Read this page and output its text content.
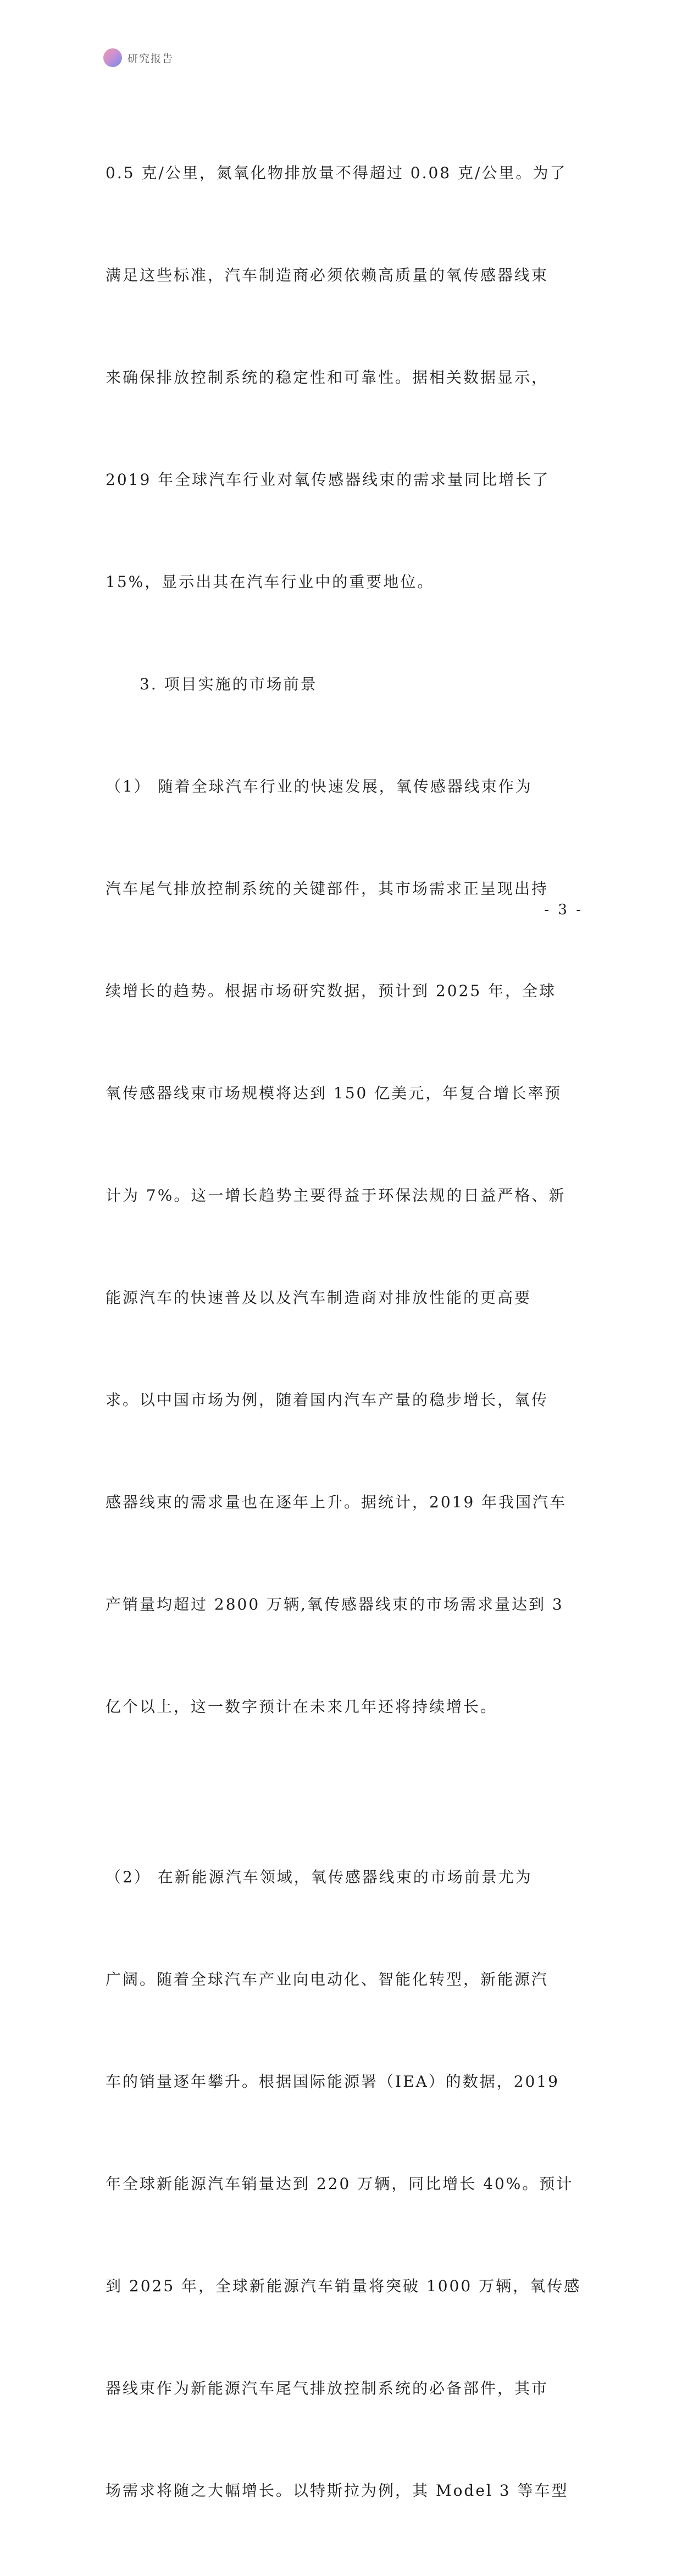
研究报告

0.5 克/公里，氮氧化物排放量不得超过 0.08 克/公里。为了

满足这些标准，汽车制造商必须依赖高质量的氧传感器线束

来确保排放控制系统的稳定性和可靠性。据相关数据显示，

2019 年全球汽车行业对氧传感器线束的需求量同比增长了

15%，显示出其在汽车行业中的重要地位。

3. 项目实施的市场前景

（1） 随着全球汽车行业的快速发展，氧传感器线束作为

汽车尾气排放控制系统的关键部件，其市场需求正呈现出持

续增长的趋势。根据市场研究数据，预计到 2025 年，全球

氧传感器线束市场规模将达到 150 亿美元，年复合增长率预

计为 7%。这一增长趋势主要得益于环保法规的日益严格、新

能源汽车的快速普及以及汽车制造商对排放性能的更高要

求。以中国市场为例，随着国内汽车产量的稳步增长，氧传

感器线束的需求量也在逐年上升。据统计，2019 年我国汽车

产销量均超过 2800 万辆,氧传感器线束的市场需求量达到 3

亿个以上，这一数字预计在未来几年还将持续增长。

（2） 在新能源汽车领域，氧传感器线束的市场前景尤为

广阔。随着全球汽车产业向电动化、智能化转型，新能源汽

车的销量逐年攀升。根据国际能源署（IEA）的数据，2019

年全球新能源汽车销量达到 220 万辆，同比增长 40%。预计

到 2025 年，全球新能源汽车销量将突破 1000 万辆，氧传感

器线束作为新能源汽车尾气排放控制系统的必备部件，其市

场需求将随之大幅增长。以特斯拉为例，其 Model 3 等车型

- 3 -
